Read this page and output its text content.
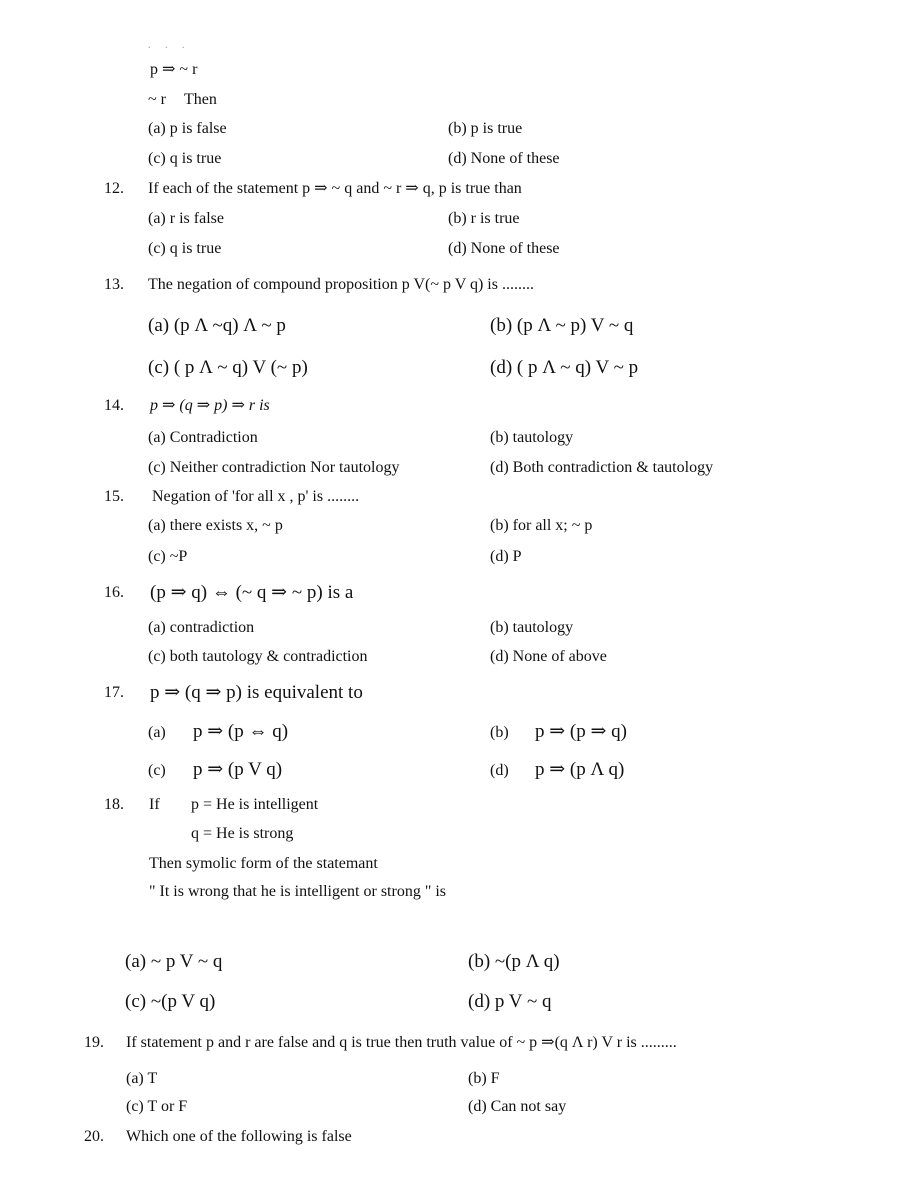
. . .
p ⇒ ~ r
~ r Then
(a) p is false	(b) p is true
(c) q is true	(d) None of these
12. If each of the statement p ⇒ ~ q and ~ r ⇒ q, p is true than
(a) r is false	(b) r is true
(c) q is true	(d) None of these
13. The negation of compound proposition p V(~ p V q) is ........
(a) (p Λ ~q) Λ ~ p	(b) (p Λ ~ p) V ~ q
(c) ( p Λ ~ q) V (~ p)	(d) ( p Λ ~ q) V ~ p
14. p ⇒ (q ⇒ p) ⇒ r is
(a) Contradiction	(b) tautology
(c) Neither contradiction Nor tautology	(d) Both contradiction & tautology
15. Negation of 'for all x , p' is ........
(a) there exists x, ~ p	(b) for all x; ~ p
(c) ~P	(d) P
16. (p ⇒ q) ⇔ (~ q ⇒ ~ p) is a
(a) contradiction	(b) tautology
(c) both tautology & contradiction	(d) None of above
17. p ⇒ (q ⇒ p) is equivalent to
(a) p ⇒ (p ⇔ q)	(b) p ⇒ (p ⇒ q)
(c) p ⇒ (p V q)	(d) p ⇒ (p Λ q)
18. If p = He is intelligent
q = He is strong
Then symolic form of the statemant
" It is wrong that he is intelligent or strong " is
(a) ~ p V ~ q	(b) ~(p Λ q)
(c) ~(p V q)	(d) p V ~ q
19. If statement p and r are false and q is true then truth value of ~ p ⇒(q Λ r) V r is .........
(a) T	(b) F
(c) T or F	(d) Can not say
20. Which one of the following is false
